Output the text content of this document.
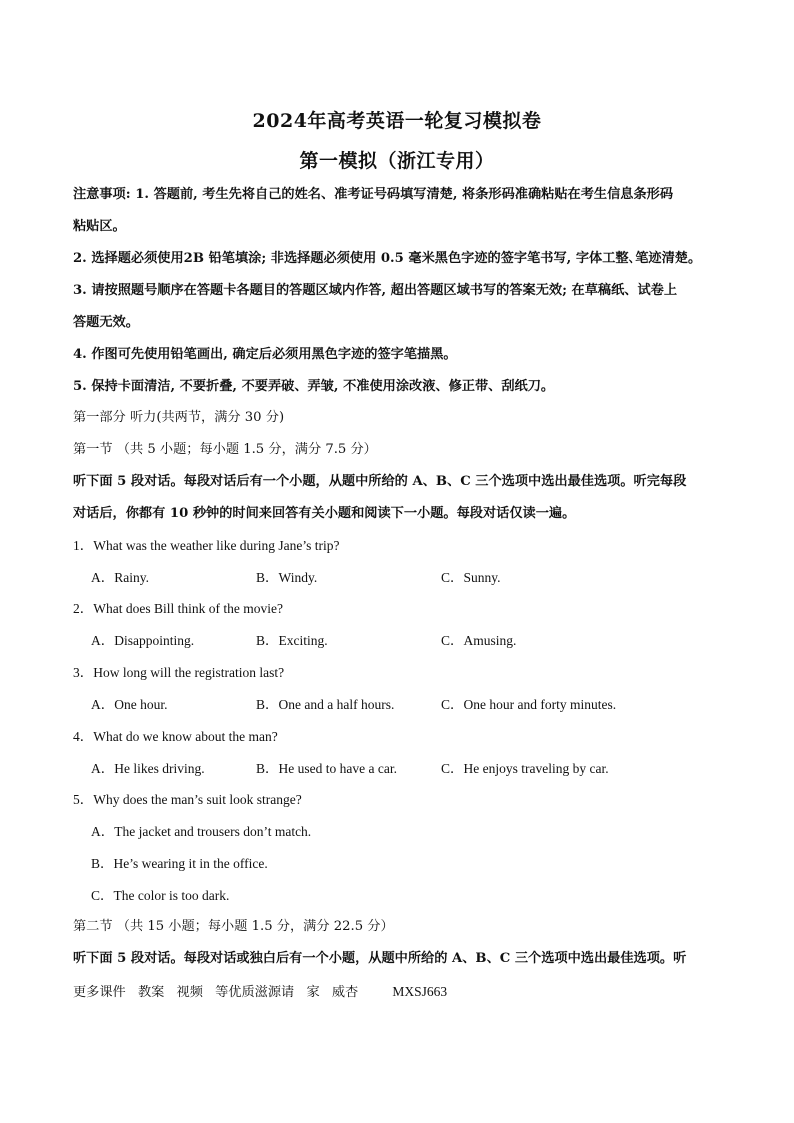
2024年高考英语一轮复习模拟卷
第一模拟（浙江专用）
注意事项: 1. 答题前, 考生先将自己的姓名、准考证号码填写清楚, 将条形码准确粘贴在考生信息条形码
粘贴区。
2. 选择题必须使用2B 铅笔填涂; 非选择题必须使用 0.5 毫米黑色字迹的签字笔书写, 字体工整､笔迹清楚。
3. 请按照题号顺序在答题卡各题目的答题区域内作答, 超出答题区域书写的答案无效; 在草稿纸、试卷上
答题无效。
4. 作图可先使用铅笔画出, 确定后必须用黑色字迹的签字笔描黑。
5. 保持卡面清洁, 不要折叠, 不要弄破、弄皱, 不准使用涂改液、修正带、刮纸刀。
第一部分 听力(共两节，满分 30 分)
第一节 （共 5 小题；每小题 1.5 分，满分 7.5 分）
听下面 5 段对话。每段对话后有一个小题，从题中所给的 A、B、C 三个选项中选出最佳选项。听完每段
对话后，你都有 10 秒钟的时间来回答有关小题和阅读下一小题。每段对话仅读一遍。
1．What was the weather like during Jane’s trip?
A．Rainy.	B．Windy.	C．Sunny.
2．What does Bill think of the movie?
A．Disappointing.	B．Exciting.	C．Amusing.
3．How long will the registration last?
A．One hour.	B．One and a half hours.	C．One hour and forty minutes.
4．What do we know about the man?
A．He likes driving.	B．He used to have a car.	C．He enjoys traveling by car.
5．Why does the man’s suit look strange?
A．The jacket and trousers don’t match.
B．He’s wearing it in the office.
C．The color is too dark.
第二节 （共 15 小题；每小题 1.5 分，满分 22.5 分）
听下面 5 段对话。每段对话或独白后有一个小题，从题中所给的 A、B、C 三个选项中选出最佳选项。听
更多课件 教案 视频 等优质滋源请 家 威杏	MXSJ663
